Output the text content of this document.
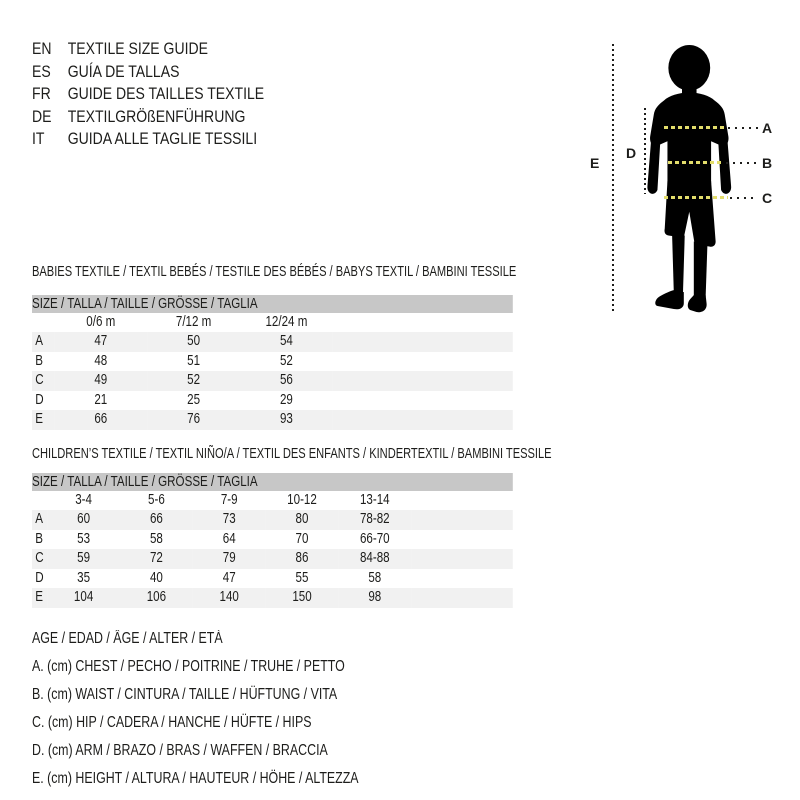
EN TEXTILE SIZE GUIDE
ES GUÍA DE TALLAS
FR GUIDE DES TAILLES TEXTILE
DE TEXTILGRÖßENFÜHRUNG
IT GUIDA ALLE TAGLIE TESSILI
E
D
A
B
C
BABIES TEXTILE / TEXTIL BEBÉS / TESTILE DES BÉBÉS / BABYS TEXTIL / BAMBINI TESSILE
SIZE / TALLA / TAILLE / GRÖSSE / TAGLIA				
	0/6 m	7/12 m	12/24 m	
A	47	50	54	
B	48	51	52	
C	49	52	56	
D	21	25	29	
E	66	76	93	
CHILDREN’S TEXTILE / TEXTIL NIÑO/A / TEXTIL DES ENFANTS / KINDERTEXTIL / BAMBINI TESSILE
SIZE / TALLA / TAILLE / GRÖSSE / TAGLIA						
	3-4	5-6	7-9	10-12	13-14	
A	60	66	73	80	78-82	
B	53	58	64	70	66-70	
C	59	72	79	86	84-88	
D	35	40	47	55	58	
E	104	106	140	150	98	
AGE / EDAD / ÂGE / ALTER / ETÀ
A. (cm) CHEST / PECHO / POITRINE / TRUHE / PETTO
B. (cm) WAIST / CINTURA / TAILLE / HÜFTUNG / VITA
C. (cm) HIP / CADERA / HANCHE / HÜFTE / HIPS
D. (cm) ARM / BRAZO / BRAS / WAFFEN / BRACCIA
E. (cm) HEIGHT / ALTURA / HAUTEUR / HÖHE / ALTEZZA
